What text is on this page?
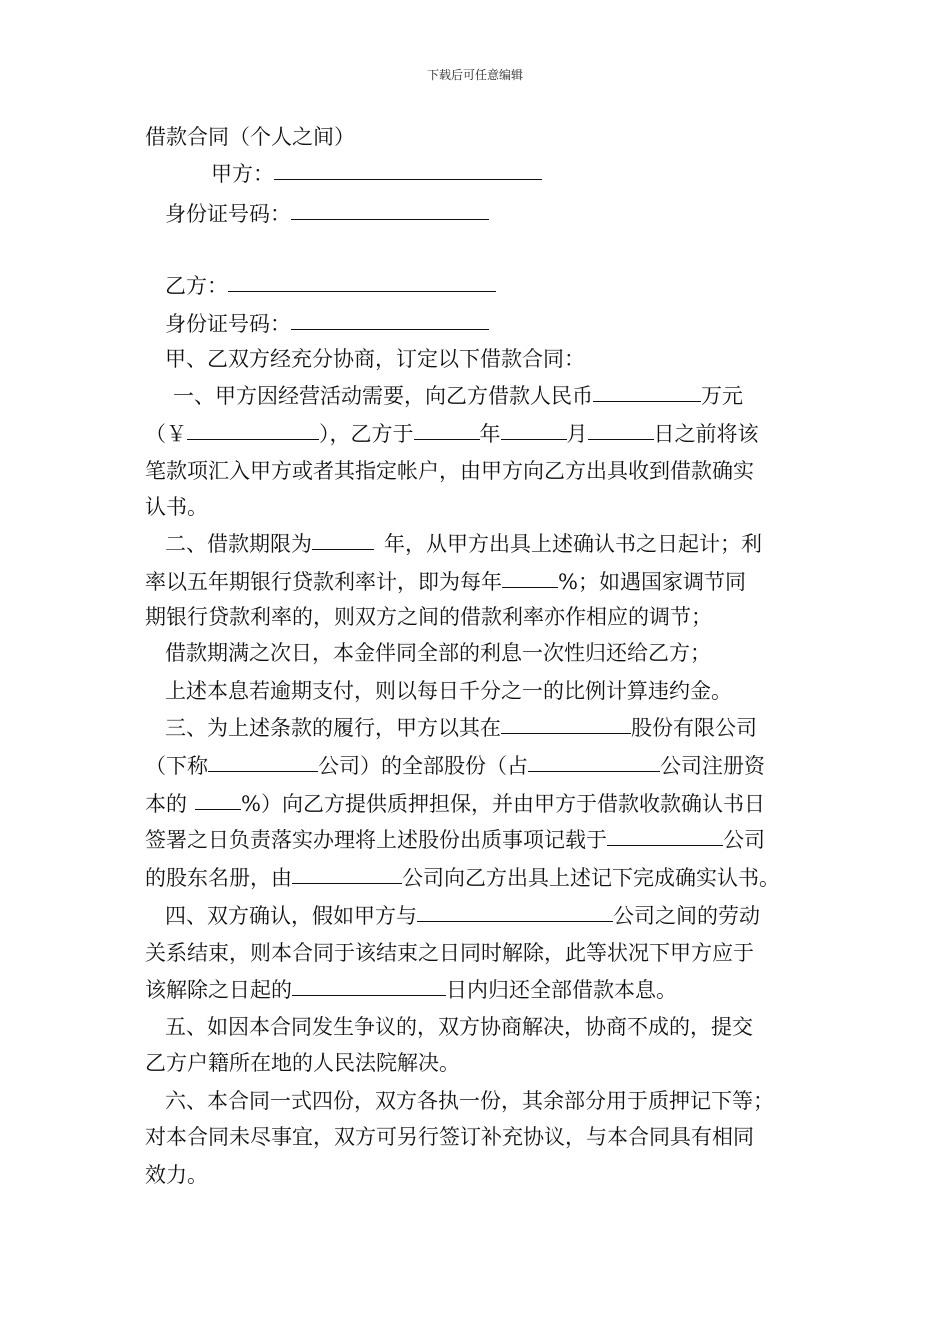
下载后可任意编辑
借款合同（个人之间）
甲方：
身份证号码：
乙方：
身份证号码：
甲、乙双方经充分协商，订定以下借款合同：
一、甲方因经营活动需要，向乙方借款人民币	万元
（￥	），乙方于	年	月	日之前将该
笔款项汇入甲方或者其指定帐户，由甲方向乙方出具收到借款确实
认书。
二、借款期限为	年，从甲方出具上述确认书之日起计；利
率以五年期银行贷款利率计，即为每年	%；如遇国家调节同
期银行贷款利率的，则双方之间的借款利率亦作相应的调节；
借款期满之次日，本金伴同全部的利息一次性归还给乙方；
上述本息若逾期支付，则以每日千分之一的比例计算违约金。
三、为上述条款的履行，甲方以其在	股份有限公司
（下称	公司）的全部股份（占	公司注册资
本的	%）向乙方提供质押担保，并由甲方于借款收款确认书日
签署之日负责落实办理将上述股份出质事项记载于	公司
的股东名册，由	公司向乙方出具上述记下完成确实认书。
四、双方确认，假如甲方与	公司之间的劳动
关系结束，则本合同于该结束之日同时解除，此等状况下甲方应于
该解除之日起的	日内归还全部借款本息。
五、如因本合同发生争议的，双方协商解决，协商不成的，提交
乙方户籍所在地的人民法院解决。
六、本合同一式四份，双方各执一份，其余部分用于质押记下等；
对本合同未尽事宜，双方可另行签订补充协议，与本合同具有相同
效力。
